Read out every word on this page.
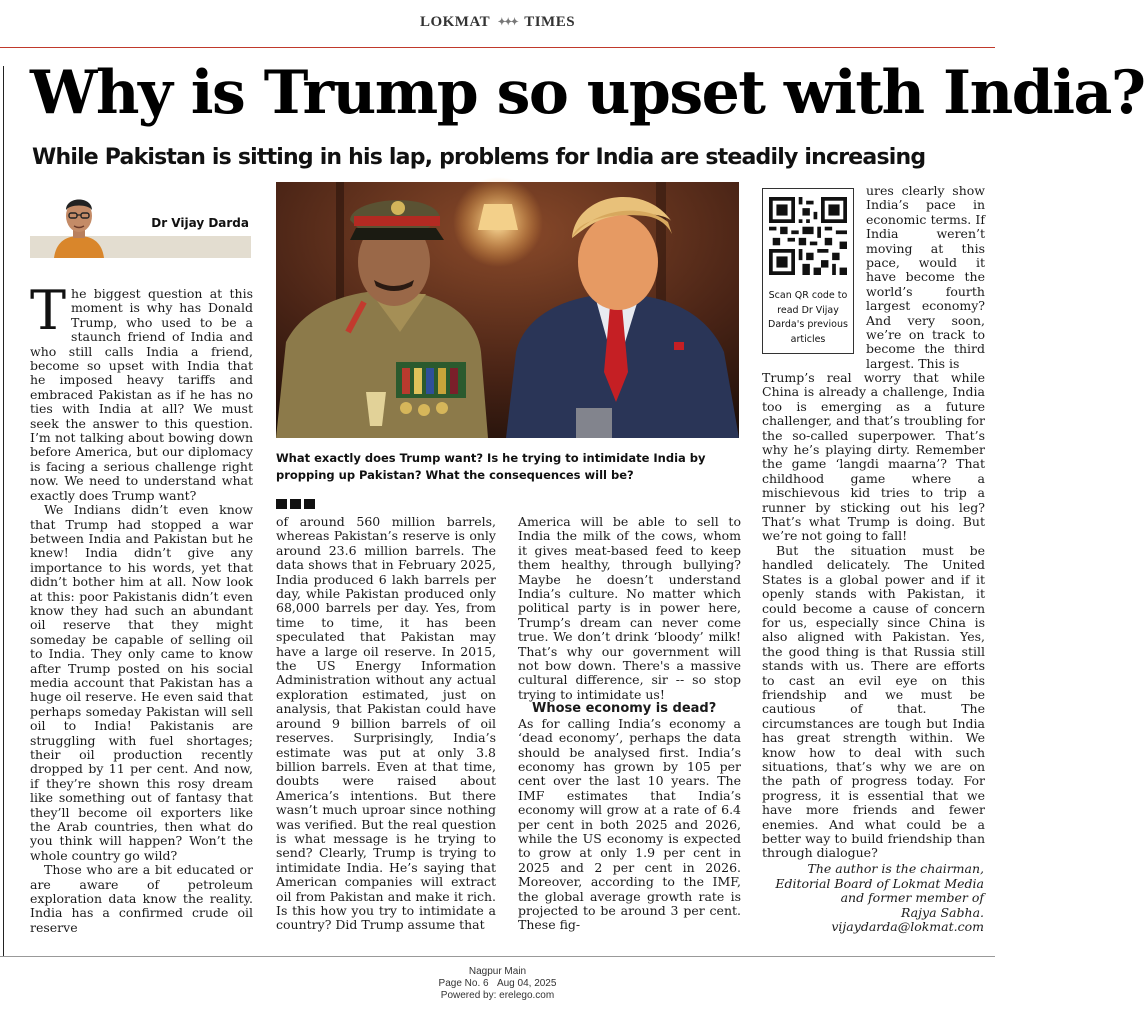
LOKMAT ✦✦✦ TIMES
Why is Trump so upset with India?
While Pakistan is sitting in his lap, problems for India are steadily increasing
Dr Vijay Darda

The biggest question at this moment is why has Donald Trump, who used to be a staunch friend of India and who still calls India a friend, become so upset with India that he imposed heavy tariffs and embraced Pakistan as if he has no ties with India at all? We must seek the answer to this question. I’m not talking about bowing down before America, but our diplomacy is facing a serious challenge right now. We need to understand what exactly does Trump want?

We Indians didn’t even know that Trump had stopped a war between India and Pakistan but he knew! India didn’t give any importance to his words, yet that didn’t bother him at all. Now look at this: poor Pakistanis didn’t even know they had such an abundant oil reserve that they might someday be capable of selling oil to India. They only came to know after Trump posted on his social media account that Pakistan has a huge oil reserve. He even said that perhaps someday Pakistan will sell oil to India! Pakistanis are struggling with fuel shortages; their oil production recently dropped by 11 per cent. And now, if they’re shown this rosy dream like something out of fantasy that they’ll become oil exporters like the Arab countries, then what do you think will happen? Won’t the whole country go wild?

Those who are a bit educated or are aware of petroleum exploration data know the reality. India has a confirmed crude oil reserve

What exactly does Trump want? Is he trying to intimidate India by propping up Pakistan? What the consequences will be?

of around 560 million barrels, whereas Pakistan’s reserve is only around 23.6 million barrels. The data shows that in February 2025, India produced 6 lakh barrels per day, while Pakistan produced only 68,000 barrels per day. Yes, from time to time, it has been speculated that Pakistan may have a large oil reserve. In 2015, the US Energy Information Administration without any actual exploration estimated, just on analysis, that Pakistan could have around 9 billion barrels of oil reserves. Surprisingly, India’s estimate was put at only 3.8 billion barrels. Even at that time, doubts were raised about America’s intentions. But there wasn’t much uproar since nothing was verified. But the real question is what message is he trying to send? Clearly, Trump is trying to intimidate India. He’s saying that American companies will extract oil from Pakistan and make it rich. Is this how you try to intimidate a country? Did Trump assume that

America will be able to sell to India the milk of the cows, whom it gives meat-based feed to keep them healthy, through bullying? Maybe he doesn’t understand India’s culture. No matter which political party is in power here, Trump’s dream can never come true. We don’t drink ‘bloody’ milk! That’s why our government will not bow down. There's a massive cultural difference, sir -- so stop trying to intimidate us!

Whose economy is dead?

As for calling India’s economy a ‘dead economy’, perhaps the data should be analysed first. India’s economy has grown by 105 per cent over the last 10 years. The IMF estimates that India’s economy will grow at a rate of 6.4 per cent in both 2025 and 2026, while the US economy is expected to grow at only 1.9 per cent in 2025 and 2 per cent in 2026. Moreover, according to the IMF, the global average growth rate is projected to be around 3 per cent. These fig-

Scan QR code to read Dr Vijay Darda's previous articles

ures clearly show India’s pace in economic terms. If India weren’t moving at this pace, would it have become the world’s fourth largest economy? And very soon, we’re on track to become the third largest. This is

Trump’s real worry that while China is already a challenge, India too is emerging as a future challenger, and that’s troubling for the so-called superpower. That’s why he’s playing dirty. Remember the game ‘langdi maarna’? That childhood game where a mischievous kid tries to trip a runner by sticking out his leg? That’s what Trump is doing. But we’re not going to fall!

But the situation must be handled delicately. The United States is a global power and if it openly stands with Pakistan, it could become a cause of concern for us, especially since China is also aligned with Pakistan. Yes, the good thing is that Russia still stands with us. There are efforts to cast an evil eye on this friendship and we must be cautious of that. The circumstances are tough but India has great strength within. We know how to deal with such situations, that’s why we are on the path of progress today. For progress, it is essential that we have more friends and fewer enemies. And what could be a better way to build friendship than through dialogue?

The author is the chairman,
Editorial Board of Lokmat Media
and former member of
Rajya Sabha.
vijaydarda@lokmat.com
Nagpur Main
Page No. 6 Aug 04, 2025
Powered by: erelego.com
